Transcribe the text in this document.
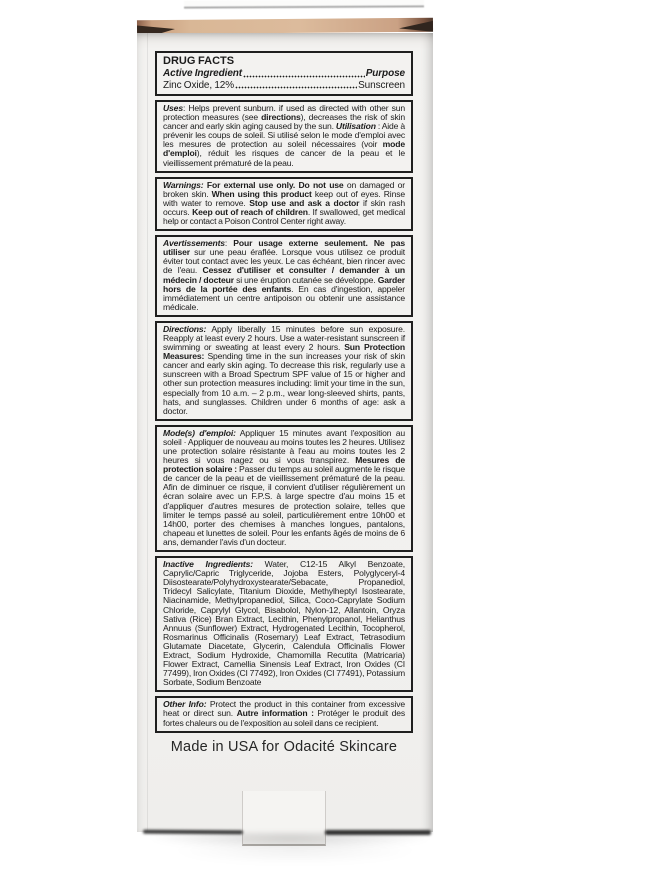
DRUG FACTS
Active Ingredient	Purpose
Zinc Oxide, 12%	Sunscreen
Uses: Helps prevent sunburn. if used as directed with other sun protection measures (see directions), decreases the risk of skin cancer and early skin aging caused by the sun. Utilisation : Aide à prévenir les coups de soleil. Si utilisé selon le mode d'emploi avec les mesures de protection au soleil nécessaires (voir mode d'emploi), réduit les risques de cancer de la peau et le vieillissement prématuré de la peau.
Warnings: For external use only. Do not use on damaged or broken skin. When using this product keep out of eyes. Rinse with water to remove. Stop use and ask a doctor if skin rash occurs. Keep out of reach of children. If swallowed, get medical help or contact a Poison Control Center right away.
Avertissements: Pour usage externe seulement. Ne pas utiliser sur une peau éraflée. Lorsque vous utilisez ce produit éviter tout contact avec les yeux. Le cas échéant, bien rincer avec de l'eau. Cessez d'utiliser et consulter / demander à un médecin / docteur si une éruption cutanée se développe. Garder hors de la portée des enfants. En cas d'ingestion, appeler immédiatement un centre antipoison ou obtenir une assistance médicale.
Directions: Apply liberally 15 minutes before sun exposure. Reapply at least every 2 hours. Use a water-resistant sunscreen if swimming or sweating at least every 2 hours. Sun Protection Measures: Spending time in the sun increases your risk of skin cancer and early skin aging. To decrease this risk, regularly use a sunscreen with a Broad Spectrum SPF value of 15 or higher and other sun protection measures including: limit your time in the sun, especially from 10 a.m. – 2 p.m., wear long-sleeved shirts, pants, hats, and sunglasses. Children under 6 months of age: ask a doctor.
Mode(s) d'emploi: Appliquer 15 minutes avant l'exposition au soleil · Appliquer de nouveau au moins toutes les 2 heures. Utilisez une protection solaire résistante à l'eau au moins toutes les 2 heures si vous nagez ou si vous transpirez. Mesures de protection solaire : Passer du temps au soleil augmente le risque de cancer de la peau et de vieillissement prématuré de la peau. Afin de diminuer ce risque, il convient d'utiliser régulièrement un écran solaire avec un F.P.S. à large spectre d'au moins 15 et d'appliquer d'autres mesures de protection solaire, telles que limiter le temps passé au soleil, particulièrement entre 10h00 et 14h00, porter des chemises à manches longues, pantalons, chapeau et lunettes de soleil. Pour les enfants âgés de moins de 6 ans, demander l'avis d'un docteur.
Inactive Ingredients: Water, C12-15 Alkyl Benzoate, Caprylic/Capric Triglyceride, Jojoba Esters, Polyglyceryl-4 Diisostearate/Polyhydroxystearate/Sebacate, Propanediol, Tridecyl Salicylate, Titanium Dioxide, Methylheptyl Isostearate, Niacinamide, Methylpropanediol, Silica, Coco-Caprylate Sodium Chloride, Caprylyl Glycol, Bisabolol, Nylon-12, Allantoin, Oryza Sativa (Rice) Bran Extract, Lecithin, Phenylpropanol, Helianthus Annuus (Sunflower) Extract, Hydrogenated Lecithin, Tocopherol, Rosmarinus Officinalis (Rosemary) Leaf Extract, Tetrasodium Glutamate Diacetate, Glycerin, Calendula Officinalis Flower Extract, Sodium Hydroxide, Chamomilla Recutita (Matricaria) Flower Extract, Camellia Sinensis Leaf Extract, Iron Oxides (CI 77499), Iron Oxides (CI 77492), Iron Oxides (CI 77491), Potassium Sorbate, Sodium Benzoate
Other Info: Protect the product in this container from excessive heat or direct sun. Autre information : Protéger le produit des fortes chaleurs ou de l'exposition au soleil dans ce recipient.
Made in USA for Odacité Skincare
